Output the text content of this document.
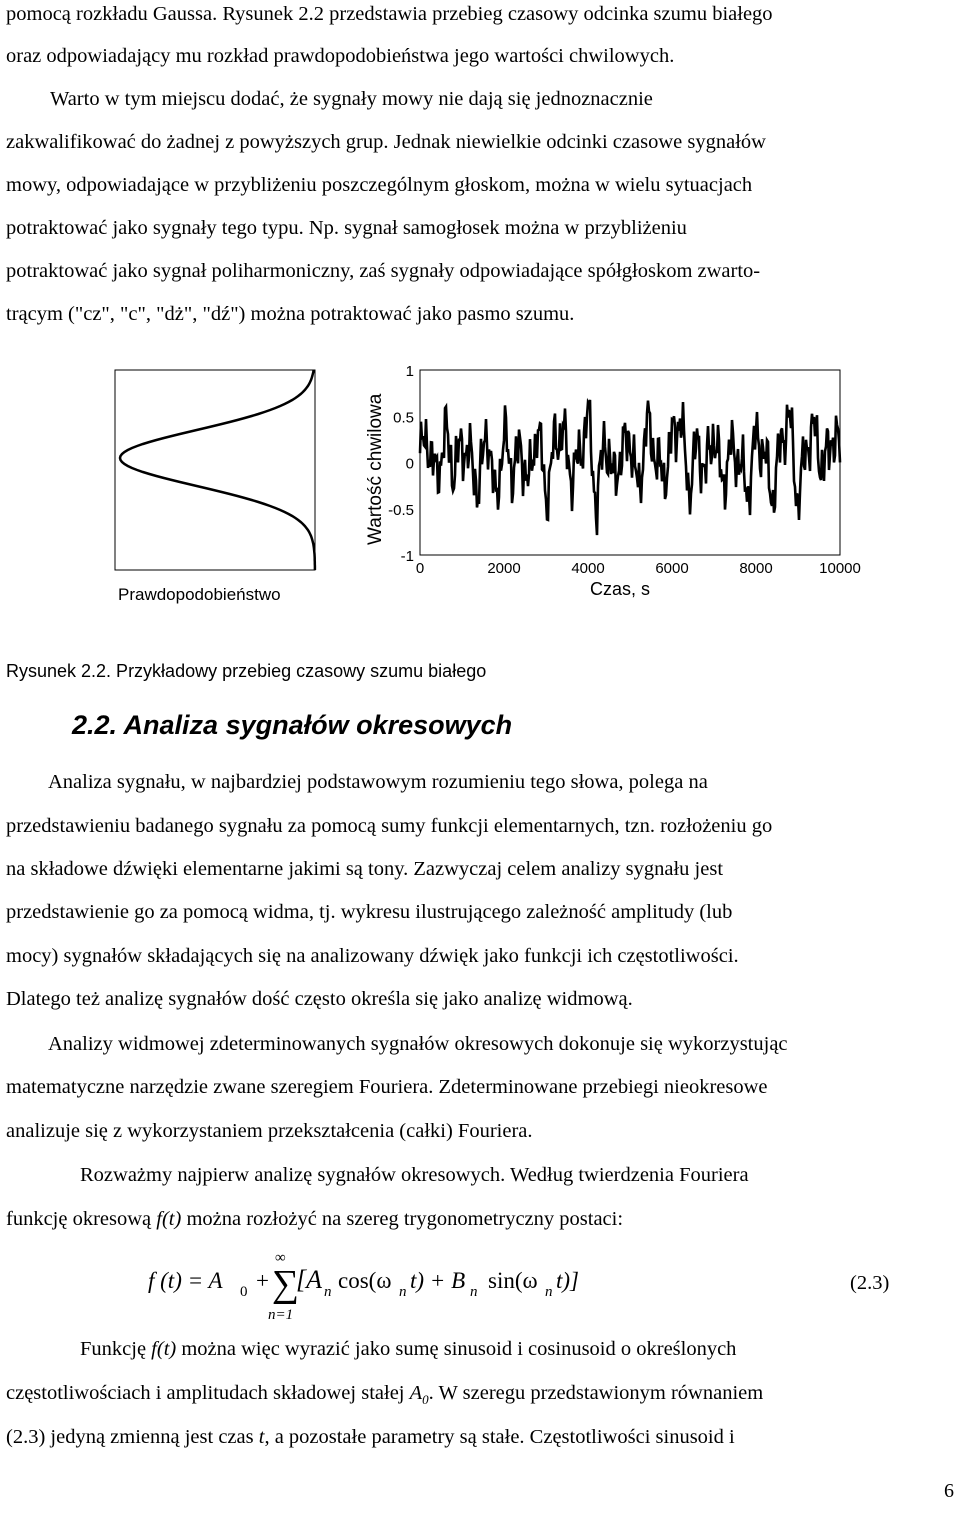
pomocą rozkładu Gaussa. Rysunek 2.2 przedstawia przebieg czasowy odcinka szumu białego
oraz odpowiadający mu rozkład prawdopodobieństwa jego wartości chwilowych.
Warto w tym miejscu dodać, że sygnały mowy nie dają się jednoznacznie
zakwalifikować do żadnej z powyższych grup. Jednak niewielkie odcinki czasowe sygnałów
mowy, odpowiadające w przybliżeniu poszczególnym głoskom, można w wielu sytuacjach
potraktować jako sygnały tego typu. Np. sygnał samogłosek można w przybliżeniu
potraktować jako sygnał poliharmoniczny, zaś sygnały odpowiadające spółgłoskom zwarto-
trącym ("cz", "c", "dż", "dź") można potraktować jako pasmo szumu.
Prawdopodobieństwo
Wartość chwilowa
1
0.5
0
-0.5
-1
0	2000	4000	6000	8000	10000
Czas, s
Rysunek 2.2. Przykładowy przebieg czasowy szumu białego
2.2. Analiza sygnałów okresowych
Analiza sygnału, w najbardziej podstawowym rozumieniu tego słowa, polega na
przedstawieniu badanego sygnału za pomocą sumy funkcji elementarnych, tzn. rozłożeniu go
na składowe dźwięki elementarne jakimi są tony. Zazwyczaj celem analizy sygnału jest
przedstawienie go za pomocą widma, tj. wykresu ilustrującego zależność amplitudy (lub
mocy) sygnałów składających się na analizowany dźwięk jako funkcji ich częstotliwości.
Dlatego też analizę sygnałów dość często określa się jako analizę widmową.
Analizy widmowej zdeterminowanych sygnałów okresowych dokonuje się wykorzystując
matematyczne narzędzie zwane szeregiem Fouriera. Zdeterminowane przebiegi nieokresowe
analizuje się z wykorzystaniem przekształcenia (całki) Fouriera.
Rozważmy najpierw analizę sygnałów okresowych. Według twierdzenia Fouriera
funkcję okresową f(t) można rozłożyć na szereg trygonometryczny postaci:
f (t) = A 0 +
∞
∑
n=1
[A n cos(ω n t) + B n sin(ω n t)]	(2.3)
Funkcję f(t) można więc wyrazić jako sumę sinusoid i cosinusoid o określonych
częstotliwościach i amplitudach składowej stałej $A_0$. W szeregu przedstawionym równaniem
(2.3) jedyną zmienną jest czas t, a pozostałe parametry są stałe. Częstotliwości sinusoid i
6
